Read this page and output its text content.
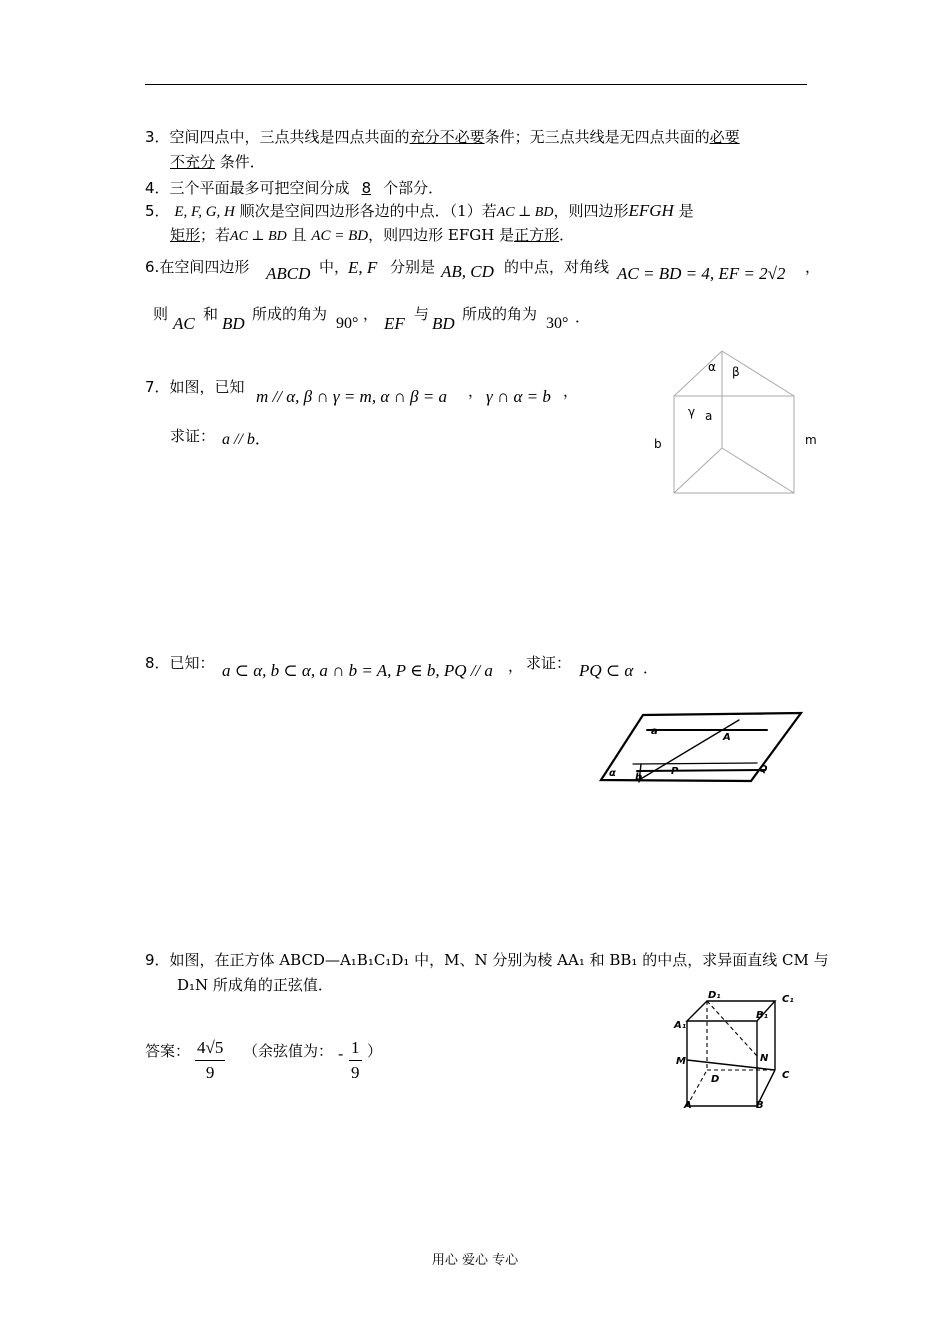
3．空间四点中，三点共线是四点共面的充分不必要条件；无三点共线是无四点共面的必要
不充分 条件．
4．三个平面最多可把空间分成 8 个部分．
5． E, F, G, H 顺次是空间四边形各边的中点．（1）若AC ⊥ BD，则四边形EFGH 是
矩形；若AC ⊥ BD 且 AC = BD，则四边形 EFGH 是正方形．
6.在空间四边形 ABCD 中，
E, F 分别是 AB, CD 的中点，对角线 AC = BD = 4, EF = 2√2 ，
则 AC 和 BD 所成的角为
90°
， EF 与 BD 所成的角为
30° ．
7．如图，已知 m // α, β ∩ γ = m, α ∩ β = a ， γ ∩ α = b ，
求证： a // b．
α β
γ a
b	m
8．已知： a ⊂ α, b ⊂ α, a ∩ b = A, P ∈ b, PQ // a ， 求证： PQ ⊂ α ．
a
A
α b
P	Q
9．如图，在正方体 ABCD—A₁B₁C₁D₁ 中，M、N 分别为棱 AA₁ 和 BB₁ 的中点，求异面直线 CM 与
D₁N 所成角的正弦值．
答案： $\frac{4√5}{9}$ （余弦值为： - $\frac{1}{9}$ ）
D₁	C₁
A₁
B₁
M	N
D	C
A	B
用心 爱心 专心
